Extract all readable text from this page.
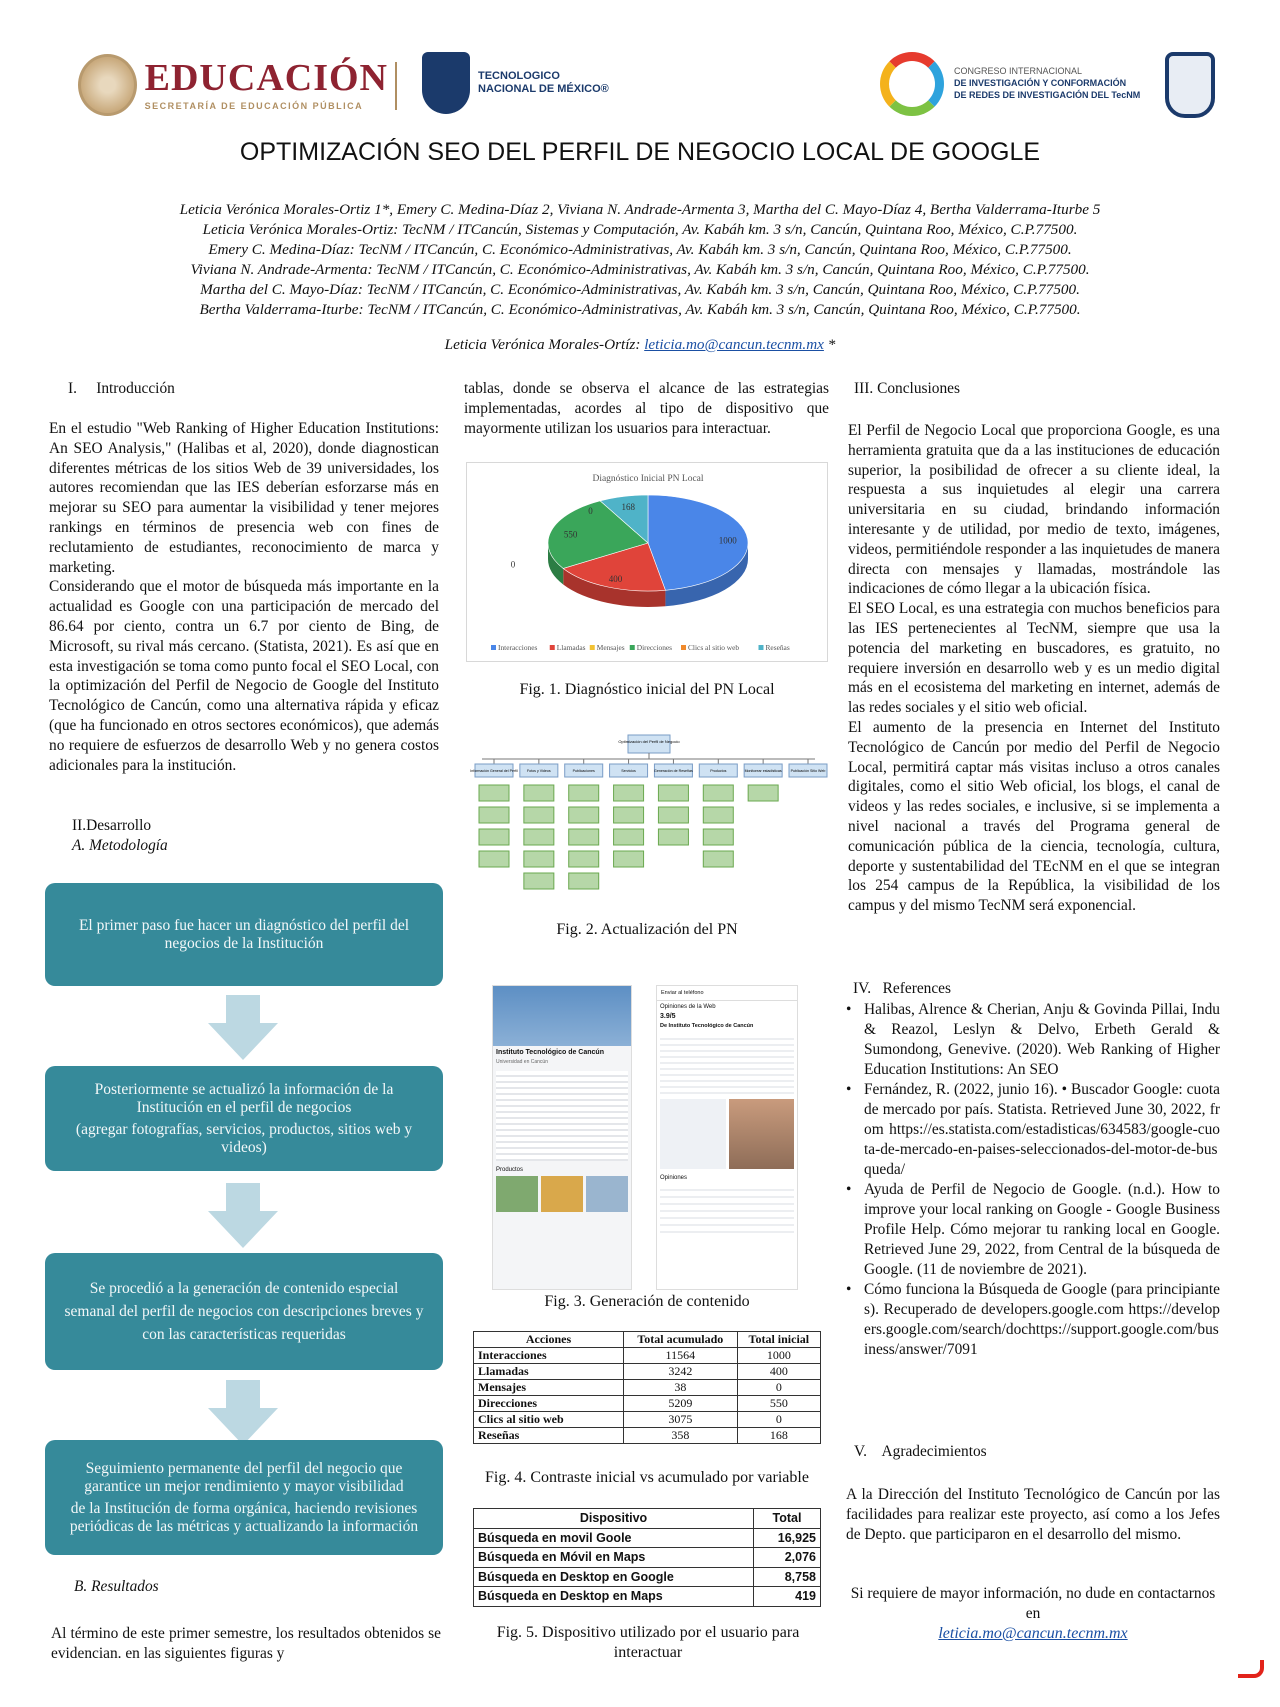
EDUCACIÓN
SECRETARÍA DE EDUCACIÓN PÚBLICA
TECNOLOGICO
NACIONAL DE MÉXICO®
CONGRESO INTERNACIONAL
DE INVESTIGACIÓN Y CONFORMACIÓN
DE REDES DE INVESTIGACIÓN DEL TecNM
OPTIMIZACIÓN SEO DEL PERFIL DE NEGOCIO LOCAL DE GOOGLE
Leticia Verónica Morales-Ortiz 1*, Emery C. Medina-Díaz 2, Viviana N. Andrade-Armenta 3, Martha del C. Mayo-Díaz 4, Bertha Valderrama-Iturbe 5
Leticia Verónica Morales-Ortiz: TecNM / ITCancún, Sistemas y Computación, Av. Kabáh km. 3 s/n, Cancún, Quintana Roo, México, C.P.77500.
Emery C. Medina-Díaz: TecNM / ITCancún, C. Económico-Administrativas, Av. Kabáh km. 3 s/n, Cancún, Quintana Roo, México, C.P.77500.
Viviana N. Andrade-Armenta: TecNM / ITCancún, C. Económico-Administrativas, Av. Kabáh km. 3 s/n, Cancún, Quintana Roo, México, C.P.77500.
Martha del C. Mayo-Díaz: TecNM / ITCancún, C. Económico-Administrativas, Av. Kabáh km. 3 s/n, Cancún, Quintana Roo, México, C.P.77500.
Bertha Valderrama-Iturbe: TecNM / ITCancún, C. Económico-Administrativas, Av. Kabáh km. 3 s/n, Cancún, Quintana Roo, México, C.P.77500.
Leticia Verónica Morales-Ortíz: leticia.mo@cancun.tecnm.mx *
I.     Introducción

En el estudio "Web Ranking of Higher Education Institutions: An SEO Analysis," (Halibas et al, 2020), donde diagnostican diferentes métricas de los sitios Web de 39 universidades, los autores recomiendan que las IES deberían esforzarse más en mejorar su SEO para aumentar la visibilidad y tener mejores rankings en términos de presencia web con fines de reclutamiento de estudiantes, reconocimiento de marca y marketing.

Considerando que el motor de búsqueda más importante en la actualidad es Google con una participación de mercado del 86.64 por ciento, contra un 6.7 por ciento de Bing, de Microsoft, su rival más cercano. (Statista, 2021). Es así que en esta investigación se toma como punto focal el SEO Local, con la optimización del Perfil de Negocio de Google del Instituto Tecnológico de Cancún, como una alternativa rápida y eficaz (que ha funcionado en otros sectores económicos), que además no requiere de esfuerzos de desarrollo Web y no genera costos adicionales para la institución.

II.Desarrollo
A. Metodología
El primer paso fue hacer un diagnóstico del perfil del negocios de la Institución
Posteriormente se actualizó la información de la Institución en el perfil de negocios
(agregar fotografías, servicios, productos, sitios web y videos)
Se procedió a la generación de contenido especial semanal del perfil de negocios con descripciones breves y con las características requeridas
Seguimiento permanente del perfil del negocio que garantice un mejor rendimiento y mayor visibilidad
de la Institución de forma orgánica, haciendo revisiones periódicas de las métricas y actualizando la información
B. Resultados
Al término de este primer semestre, los resultados obtenidos se evidencian. en las siguientes figuras y
tablas, donde se observa el alcance de las estrategias implementadas, acordes al tipo de dispositivo que mayormente utilizan los usuarios para interactuar.
Diagnóstico Inicial PN Local
1000
400
0
550
0	168
Interacciones	Llamadas Mensajes Direcciones Clics al sitio web	Reseñas
Fig. 1. Diagnóstico inicial del PN Local
Optimización del Perfil de Negocio
Información General del Perfil	Fotos y Videos	Publicaciones	Servicios	Generación de Reseñas	Productos	Monitorear estadísticas Publicación Sitio Web
Fig. 2. Actualización del PN
Instituto Tecnológico de Cancún
Universidad en Cancún
Productos
Enviar al teléfono
Opiniones de la Web
3.9/5
De Instituto Tecnológico de Cancún
Opiniones
Fig. 3. Generación de contenido
Acciones	Total acumulado	Total inicial
Interacciones	11564	1000
Llamadas	3242	400
Mensajes	38	0
Direcciones	5209	550
Clics al sitio web	3075	0
Reseñas	358	168
Fig. 4. Contraste inicial vs acumulado por variable
Dispositivo	Total
Búsqueda en movil Goole	16,925
Búsqueda en Móvil en Maps	2,076
Búsqueda en Desktop en Google	8,758
Búsqueda en Desktop en Maps	419
Fig. 5. Dispositivo utilizado por el usuario para interactuar
III. Conclusiones

El Perfil de Negocio Local que proporciona Google, es una herramienta gratuita que da a las instituciones de educación superior, la posibilidad de ofrecer a su cliente ideal, la respuesta a sus inquietudes al elegir una carrera universitaria en su ciudad, brindando información interesante y de utilidad, por medio de texto, imágenes, videos, permitiéndole responder a las inquietudes de manera directa con mensajes y llamadas, mostrándole las indicaciones de cómo llegar a la ubicación física.

El SEO Local, es una estrategia con muchos beneficios para las IES pertenecientes al TecNM, siempre que usa la potencia del marketing en buscadores, es gratuito, no requiere inversión en desarrollo web y es un medio digital más en el ecosistema del marketing en internet, además de las redes sociales y el sitio web oficial.

El aumento de la presencia en Internet del Instituto Tecnológico de Cancún por medio del Perfil de Negocio Local, permitirá captar más visitas incluso a otros canales digitales, como el sitio Web oficial, los blogs, el canal de videos y las redes sociales, e inclusive, si se implementa a nivel nacional a través del Programa general de comunicación pública de la ciencia, tecnología, cultura, deporte y sustentabilidad del TEcNM en el que se integran los 254 campus de la República, la visibilidad de los campus y del mismo TecNM será exponencial.

IV.   References
• Halibas, Alrence & Cherian, Anju & Govinda Pillai, Indu & Reazol, Leslyn & Delvo, Erbeth Gerald & Sumondong, Genevive. (2020). Web Ranking of Higher Education Institutions: An SEO
• Fernández, R. (2022, junio 16). • Buscador Google: cuota de mercado por país. Statista. Retrieved June 30, 2022, from https://es.statista.com/estadisticas/634583/google-cuota-de-mercado-en-paises-seleccionados-del-motor-de-busqueda/
• Ayuda de Perfil de Negocio de Google. (n.d.). How to improve your local ranking on Google - Google Business Profile Help. Cómo mejorar tu ranking local en Google. Retrieved June 29, 2022, from Central de la búsqueda de Google. (11 de noviembre de 2021).
• Cómo funciona la Búsqueda de Google (para principiantes). Recuperado de developers.google.com https://developers.google.com/search/dochttps://support.google.com/business/answer/7091
V.    Agradecimientos
A la Dirección del Instituto Tecnológico de Cancún por las facilidades para realizar este proyecto, así como a los Jefes de Depto. que participaron en el desarrollo del mismo.
Si requiere de mayor información, no dude en contactarnos en
leticia.mo@cancun.tecnm.mx
